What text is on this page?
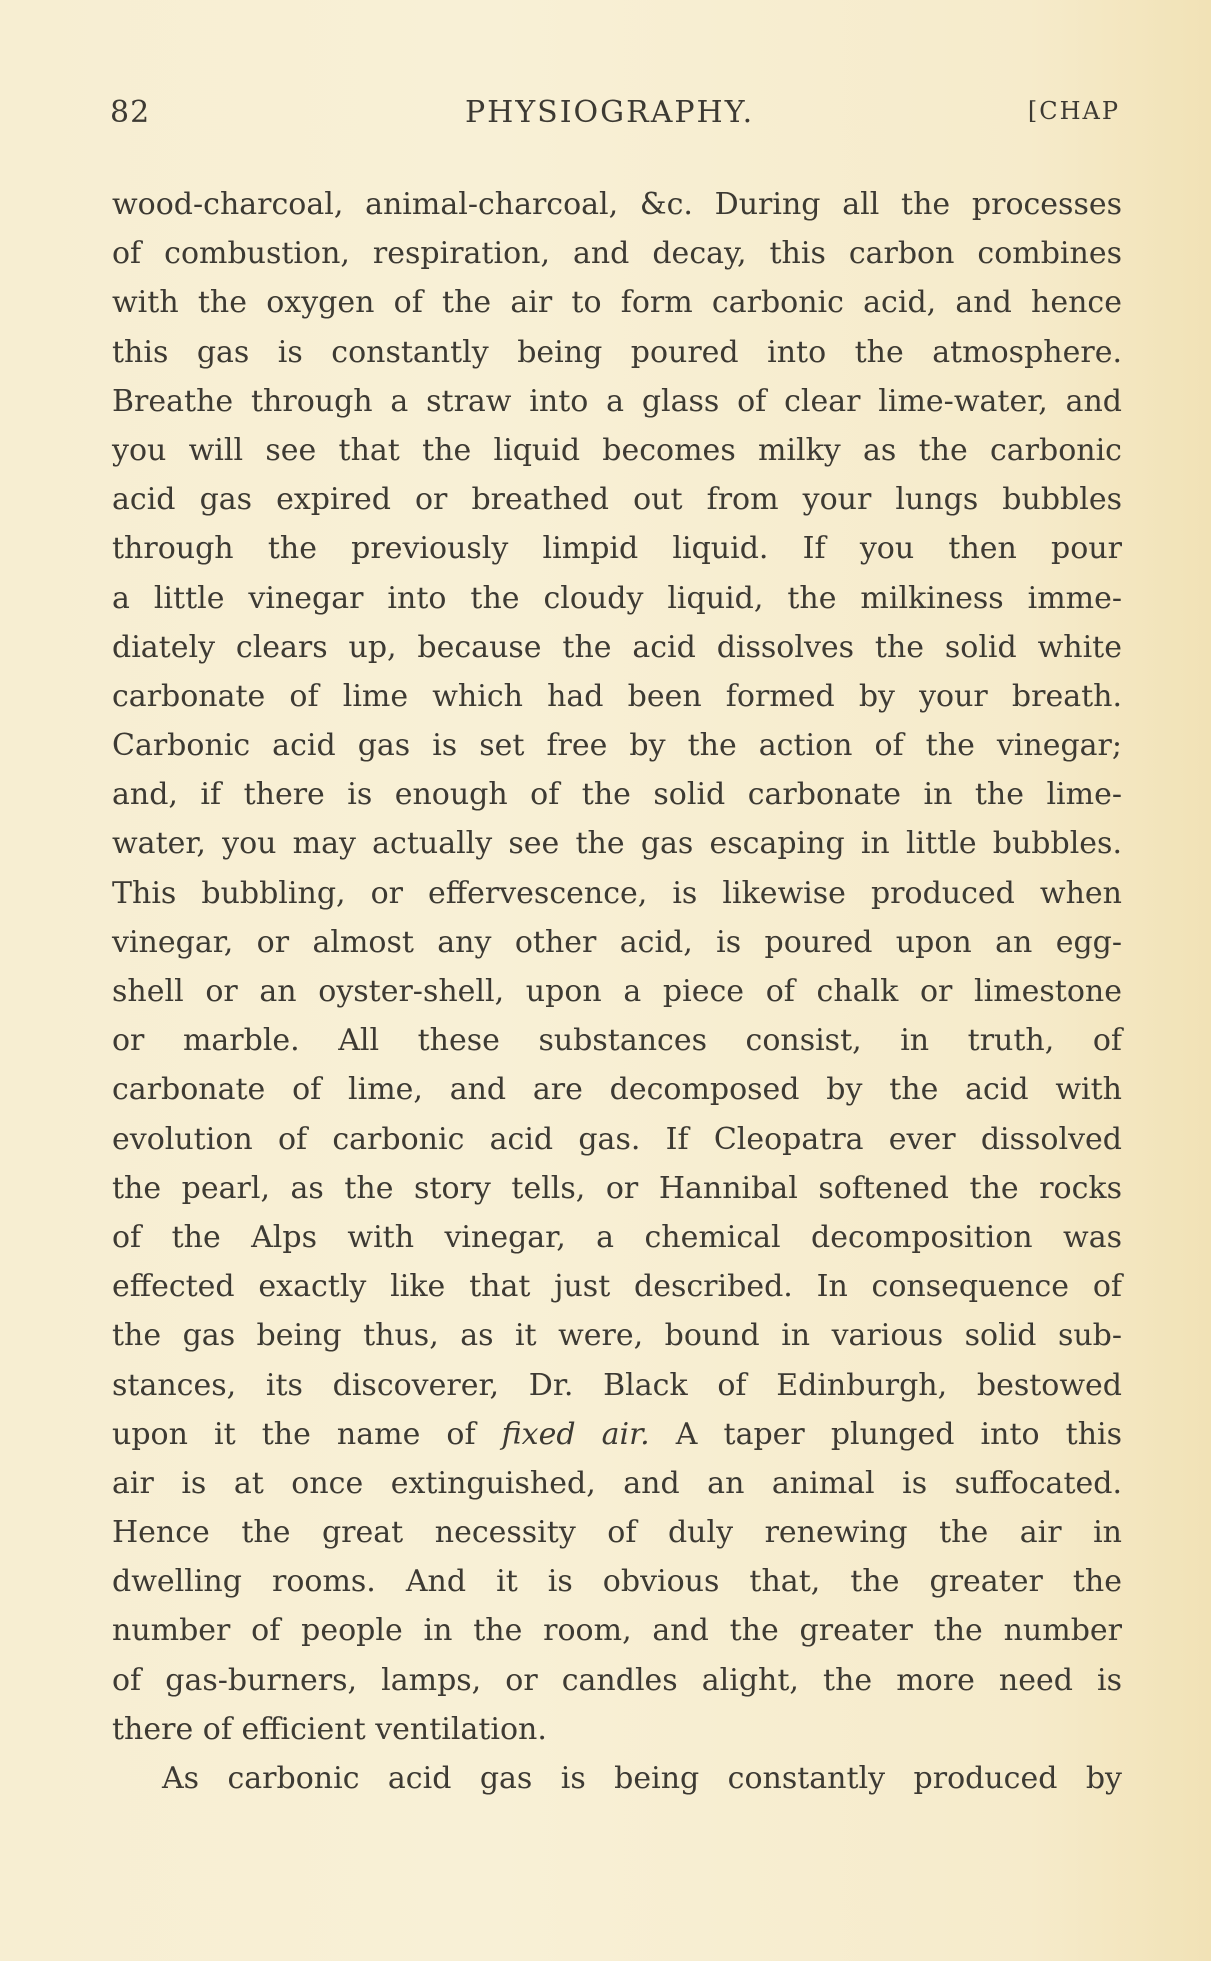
82	PHYSIOGRAPHY.	[CHAP
wood-charcoal, animal-charcoal, &c. During all the processes
of combustion, respiration, and decay, this carbon combines
with the oxygen of the air to form carbonic acid, and hence
this gas is constantly being poured into the atmosphere.
Breathe through a straw into a glass of clear lime-water, and
you will see that the liquid becomes milky as the carbonic
acid gas expired or breathed out from your lungs bubbles
through the previously limpid liquid. If you then pour
a little vinegar into the cloudy liquid, the milkiness imme-
diately clears up, because the acid dissolves the solid white
carbonate of lime which had been formed by your breath.
Carbonic acid gas is set free by the action of the vinegar;
and, if there is enough of the solid carbonate in the lime-
water, you may actually see the gas escaping in little bubbles.
This bubbling, or effervescence, is likewise produced when
vinegar, or almost any other acid, is poured upon an egg-
shell or an oyster-shell, upon a piece of chalk or limestone
or marble. All these substances consist, in truth, of
carbonate of lime, and are decomposed by the acid with
evolution of carbonic acid gas. If Cleopatra ever dissolved
the pearl, as the story tells, or Hannibal softened the rocks
of the Alps with vinegar, a chemical decomposition was
effected exactly like that just described. In consequence of
the gas being thus, as it were, bound in various solid sub-
stances, its discoverer, Dr. Black of Edinburgh, bestowed
upon it the name of fixed air. A taper plunged into this
air is at once extinguished, and an animal is suffocated.
Hence the great necessity of duly renewing the air in
dwelling rooms. And it is obvious that, the greater the
number of people in the room, and the greater the number
of gas-burners, lamps, or candles alight, the more need is
there of efficient ventilation.
As carbonic acid gas is being constantly produced by
